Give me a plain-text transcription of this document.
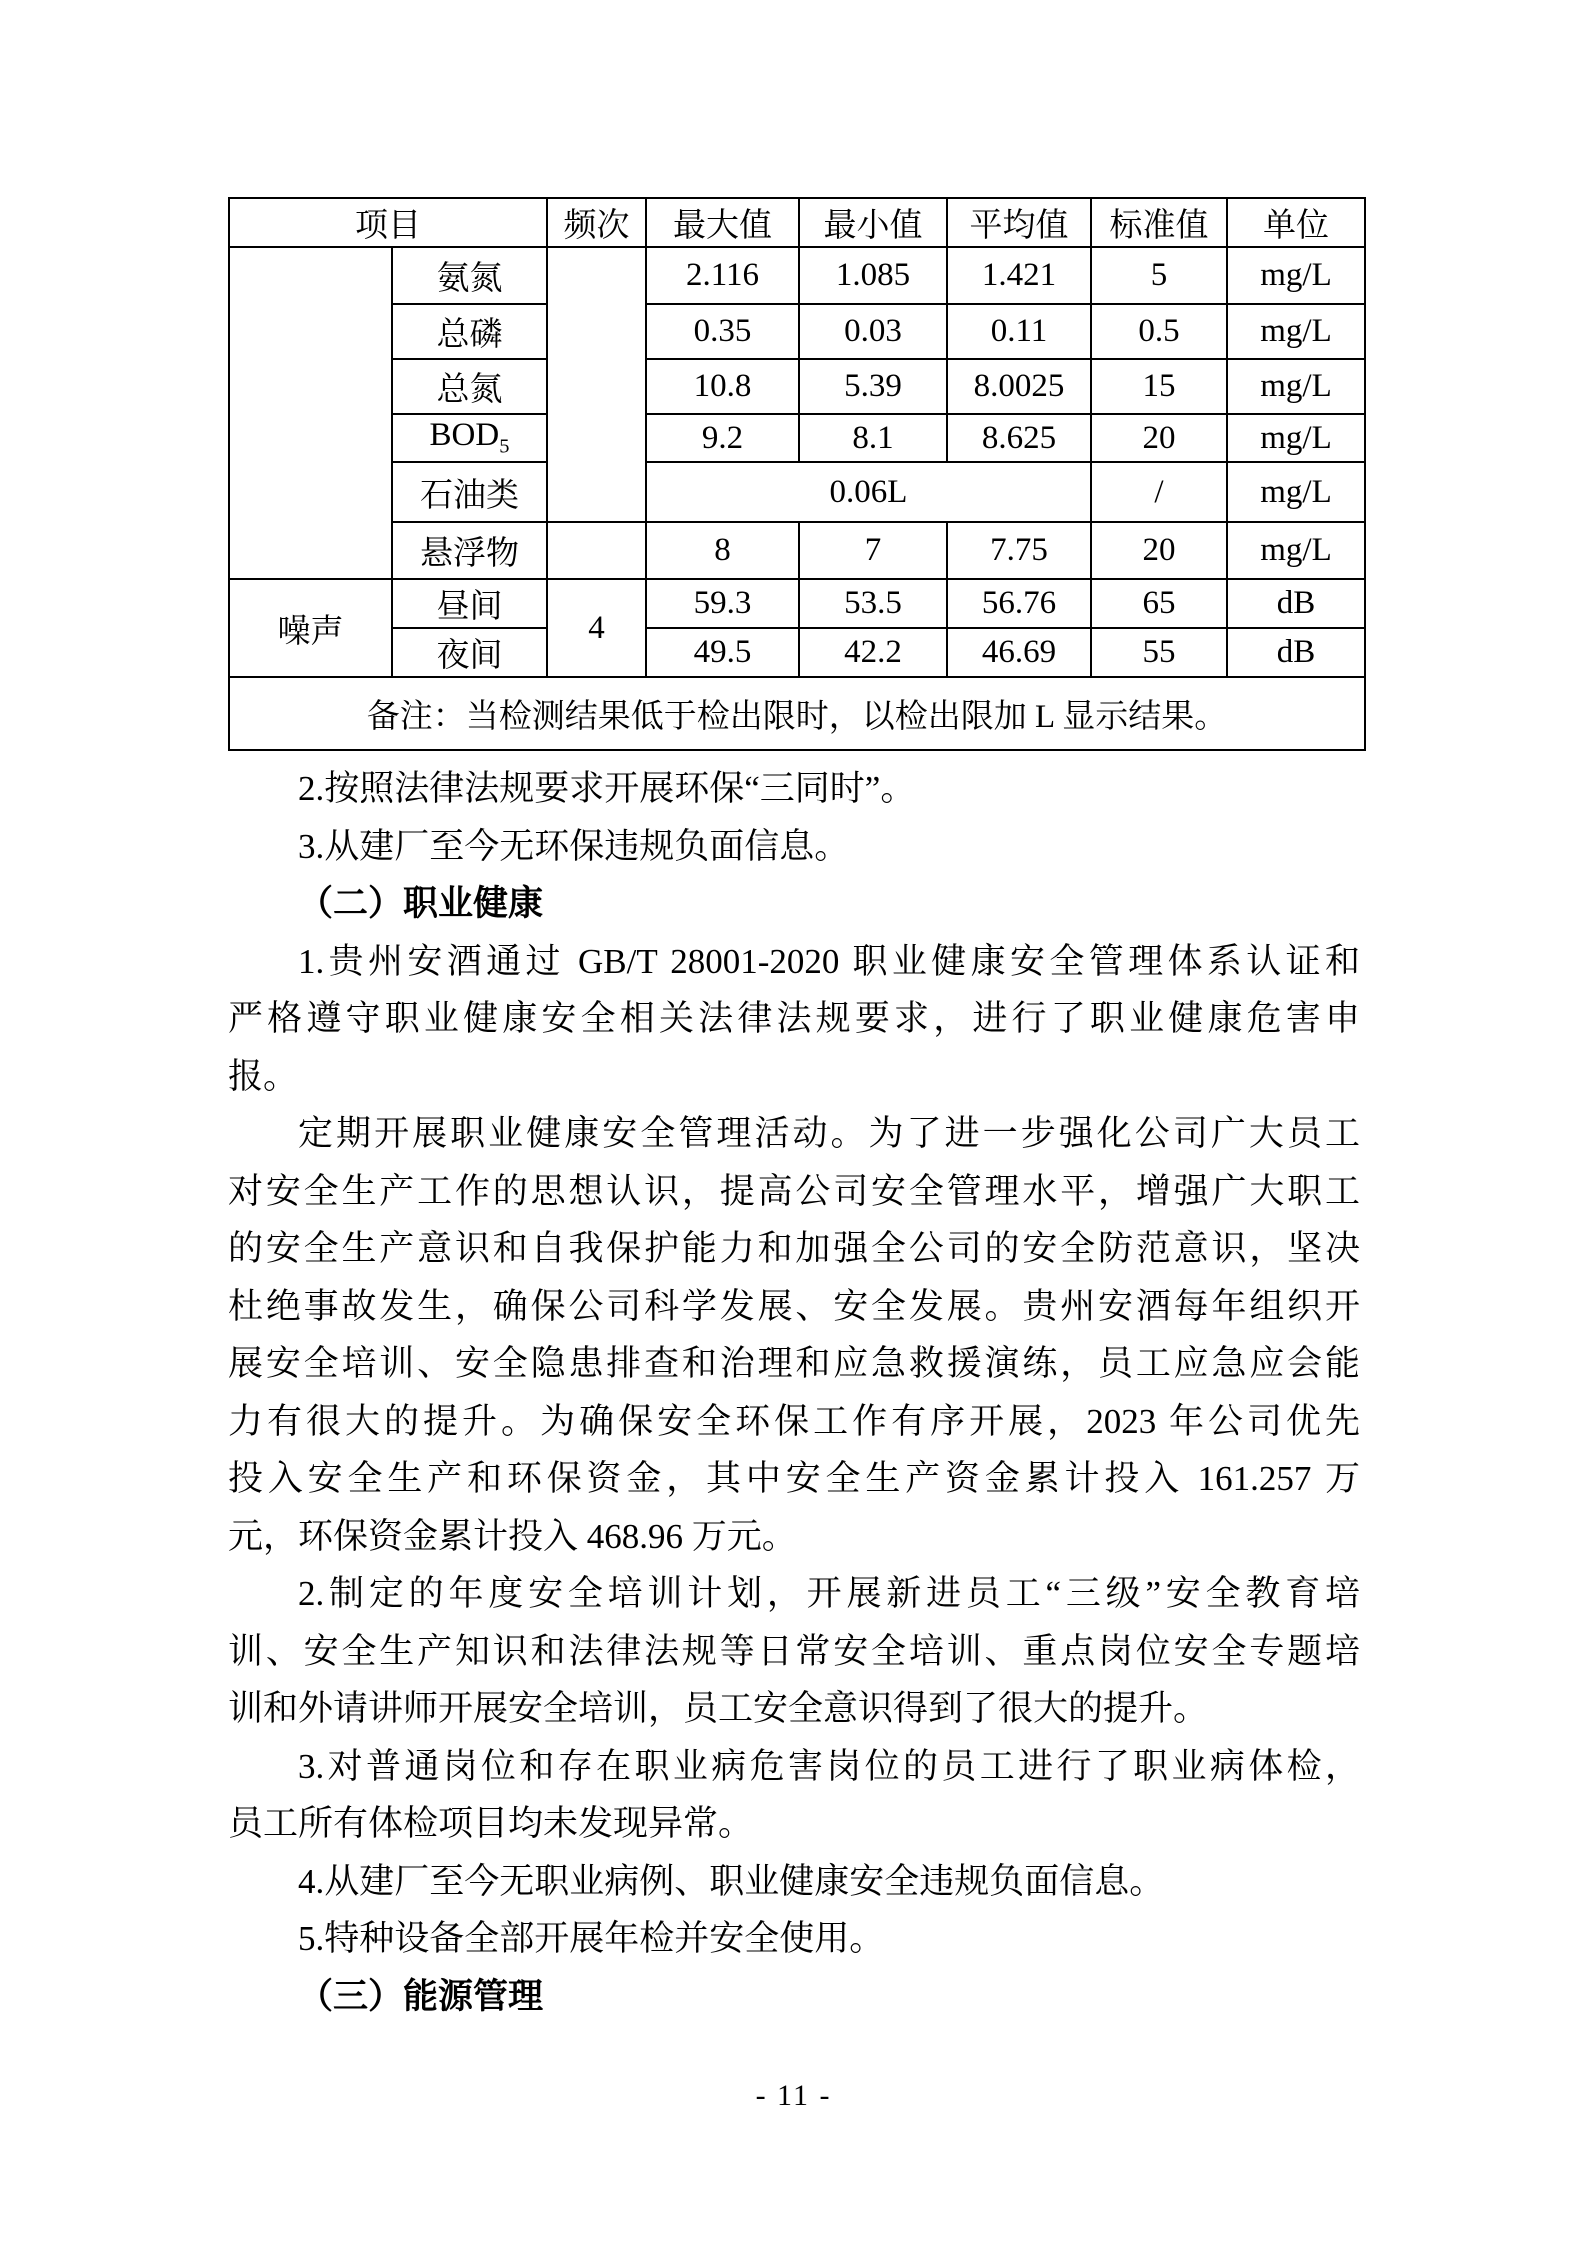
项目		频次	最大值	最小值	平均值	标准值	单位
	氨氮		2.116	1.085	1.421	5	mg/L
	总磷		0.35	0.03	0.11	0.5	mg/L
	总氮		10.8	5.39	8.0025	15	mg/L
	$BOD_5$		9.2	8.1	8.625	20	mg/L
	石油类		0.06L			/	mg/L
	悬浮物		8	7	7.75	20	mg/L
噪声	昼间	4	59.3	53.5	56.76	65	dB
	夜间		49.5	42.2	46.69	55	dB
备注：当检测结果低于检出限时，以检出限加 L 显示结果。							
2.按照法律法规要求开展环保“三同时”。
3.从建厂至今无环保违规负面信息。
（二）职业健康
1.贵州安酒通过 GB/T 28001-2020 职业健康安全管理体系认证和
严格遵守职业健康安全相关法律法规要求，进行了职业健康危害申
报。
定期开展职业健康安全管理活动。为了进一步强化公司广大员工
对安全生产工作的思想认识，提高公司安全管理水平，增强广大职工
的安全生产意识和自我保护能力和加强全公司的安全防范意识，坚决
杜绝事故发生，确保公司科学发展、安全发展。贵州安酒每年组织开
展安全培训、安全隐患排查和治理和应急救援演练，员工应急应会能
力有很大的提升。为确保安全环保工作有序开展，2023 年公司优先
投入安全生产和环保资金，其中安全生产资金累计投入 161.257 万
元，环保资金累计投入 468.96 万元。
2.制定的年度安全培训计划，开展新进员工“三级”安全教育培
训、安全生产知识和法律法规等日常安全培训、重点岗位安全专题培
训和外请讲师开展安全培训，员工安全意识得到了很大的提升。
3.对普通岗位和存在职业病危害岗位的员工进行了职业病体检，
员工所有体检项目均未发现异常。
4.从建厂至今无职业病例、职业健康安全违规负面信息。
5.特种设备全部开展年检并安全使用。
（三）能源管理
- 11 -
